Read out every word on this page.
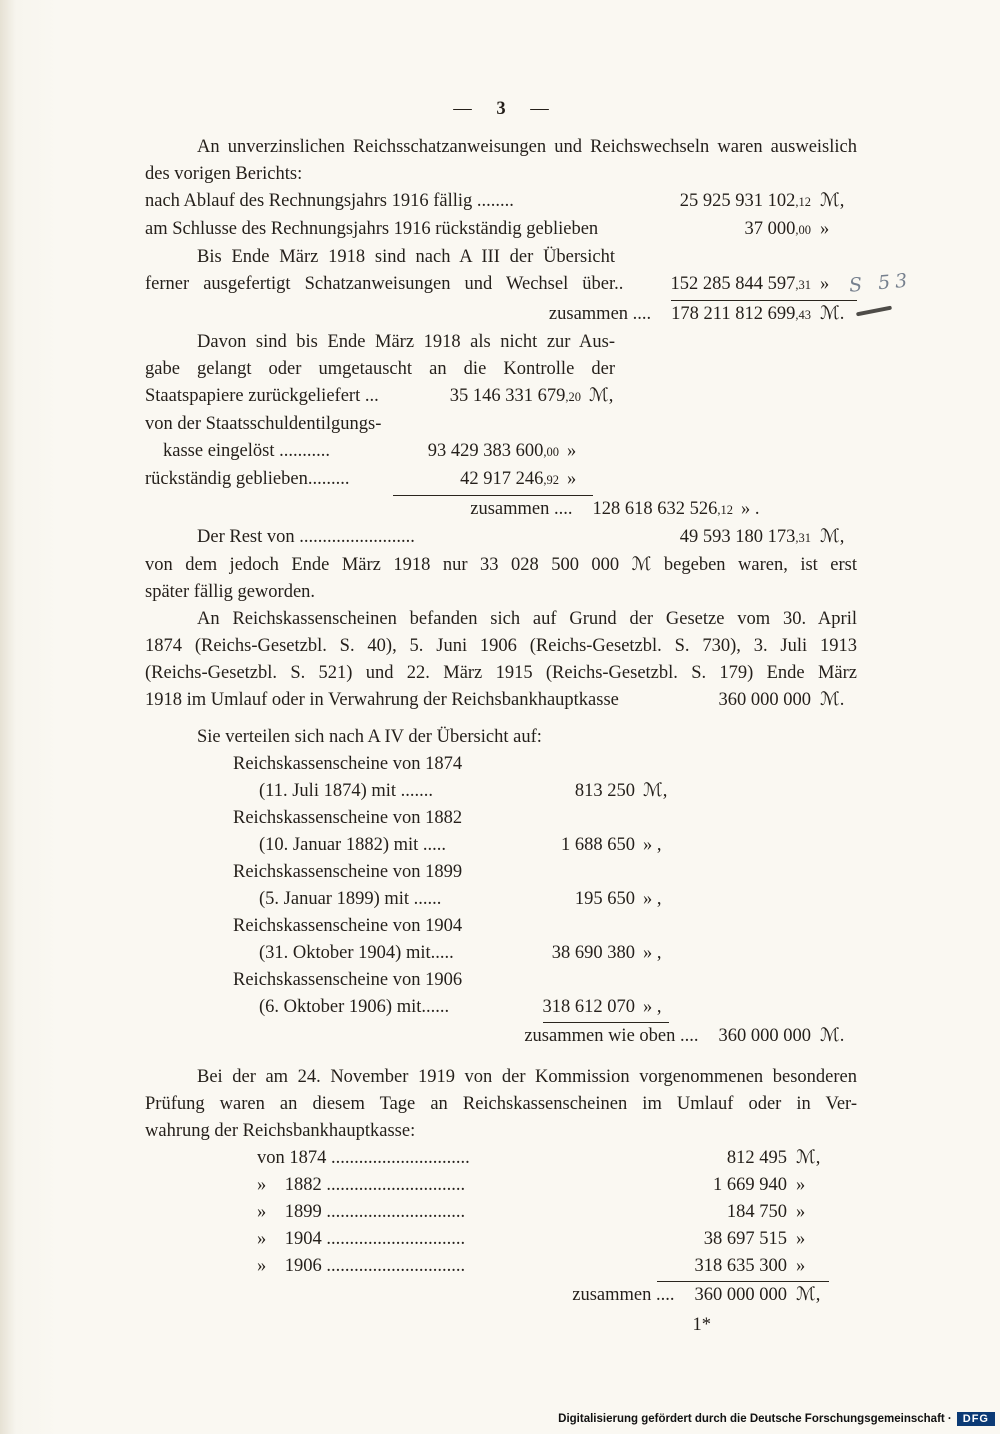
— 3 —
An unverzinslichen Reichsschatzanweisungen und Reichswechseln waren ausweislich
des vorigen Berichts:
nach Ablauf des Rechnungsjahrs 1916 fällig ........	25 925 931 102,12 ℳ,
am Schlusse des Rechnungsjahrs 1916 rückständig geblieben	37 000,00 »
Bis Ende März 1918 sind nach A III der Übersicht
ferner ausgefertigt Schatzanweisungen und Wechsel über..	152 285 844 597,31 »
zusammen .... 178 211 812 699,43 ℳ.
Davon sind bis Ende März 1918 als nicht zur Aus-
gabe gelangt oder umgetauscht an die Kontrolle der
Staatspapiere zurückgeliefert ...	35 146 331 679,20 ℳ,
von der Staatsschuldentilgungs-
kasse eingelöst ...........	93 429 383 600,00 »
rückständig geblieben.........	42 917 246,92 »
zusammen .... 128 618 632 526,12 » .
Der Rest von .........................	49 593 180 173,31 ℳ,
von dem jedoch Ende März 1918 nur 33 028 500 000 ℳ begeben waren, ist erst
später fällig geworden.
An Reichskassenscheinen befanden sich auf Grund der Gesetze vom 30. April
1874 (Reichs-Gesetzbl. S. 40), 5. Juni 1906 (Reichs-Gesetzbl. S. 730), 3. Juli 1913
(Reichs-Gesetzbl. S. 521) und 22. März 1915 (Reichs-Gesetzbl. S. 179) Ende März
1918 im Umlauf oder in Verwahrung der Reichsbankhauptkasse	360 000 000 ℳ.
Sie verteilen sich nach A IV der Übersicht auf:
Reichskassenscheine von 1874
(11. Juli 1874) mit .......	813 250 ℳ,
Reichskassenscheine von 1882
(10. Januar 1882) mit .....	1 688 650 » ,
Reichskassenscheine von 1899
(5. Januar 1899) mit ......	195 650 » ,
Reichskassenscheine von 1904
(31. Oktober 1904) mit.....	38 690 380 » ,
Reichskassenscheine von 1906
(6. Oktober 1906) mit......	318 612 070 » ,
zusammen wie oben .... 360 000 000 ℳ.
Bei der am 24. November 1919 von der Kommission vorgenommenen besonderen
Prüfung waren an diesem Tage an Reichskassenscheinen im Umlauf oder in Ver-
wahrung der Reichsbankhauptkasse:
von 1874 ..............................	812 495 ℳ,
»    1882 ..............................	1 669 940 »
»    1899 ..............................	184 750 »
»    1904 ..............................	38 697 515 »
»    1906 ..............................	318 635 300 »
zusammen .... 360 000 000 ℳ,
1*
S 53
Digitalisierung gefördert durch die Deutsche Forschungsgemeinschaft ·	DFG
